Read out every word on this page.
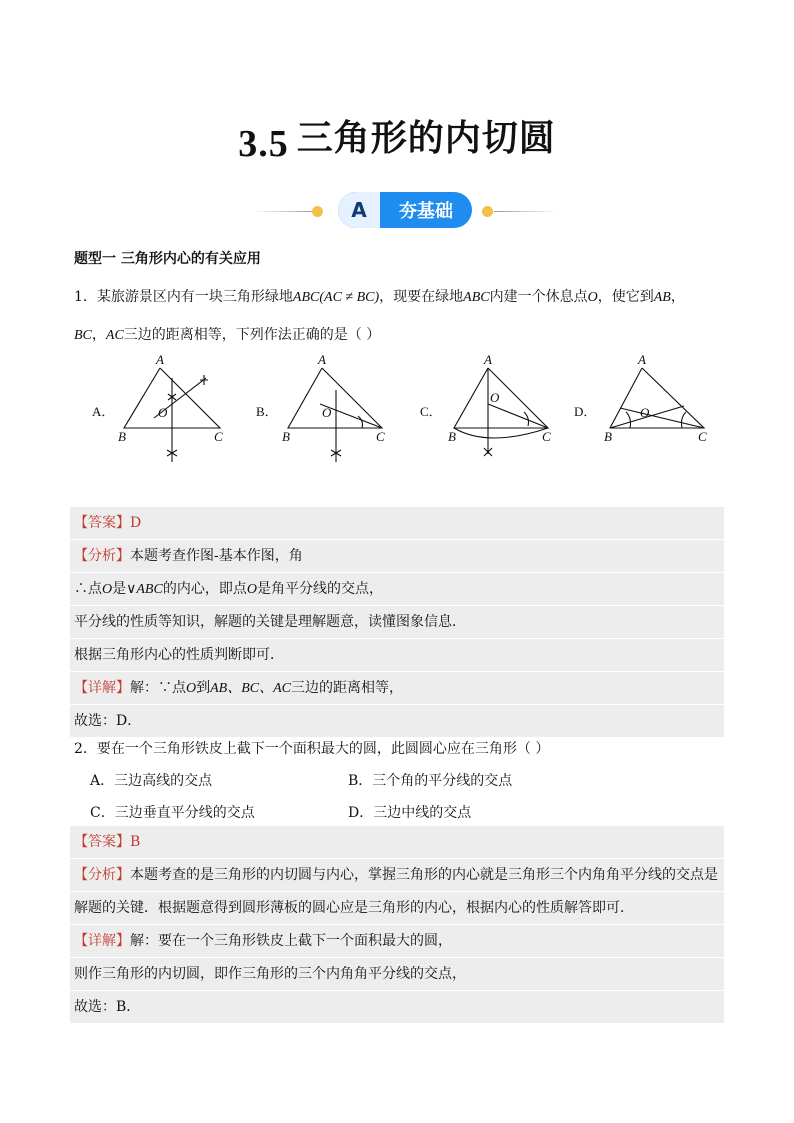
3.5 三角形的内切圆
A	夯基础
题型一 三角形内心的有关应用
1．某旅游景区内有一块三角形绿地ABC(AC ≠ BC)，现要在绿地ABC内建一个休息点O，使它到AB，
BC，AC三边的距离相等，下列作法正确的是（ ）
A．
A
B	C
O	B．
A
B	C
O	C．
A
B	C
O
D．
A
B	C
O
【答案】D
【分析】本题考查作图-基本作图，角
∴点O是∨ABC的内心，即点O是角平分线的交点，
平分线的性质等知识，解题的关键是理解题意，读懂图象信息．
根据三角形内心的性质判断即可．
【详解】解：∵点O到AB、BC、AC三边的距离相等，
故选：D．
2．要在一个三角形铁皮上截下一个面积最大的圆，此圆圆心应在三角形（ ）
A．三边高线的交点	B．三个角的平分线的交点
C．三边垂直平分线的交点	D．三边中线的交点
【答案】B
【分析】本题考查的是三角形的内切圆与内心，掌握三角形的内心就是三角形三个内角角平分线的交点是
解题的关键．根据题意得到圆形薄板的圆心应是三角形的内心，根据内心的性质解答即可．
【详解】解：要在一个三角形铁皮上截下一个面积最大的圆，
则作三角形的内切圆，即作三角形的三个内角角平分线的交点，
故选：B．
